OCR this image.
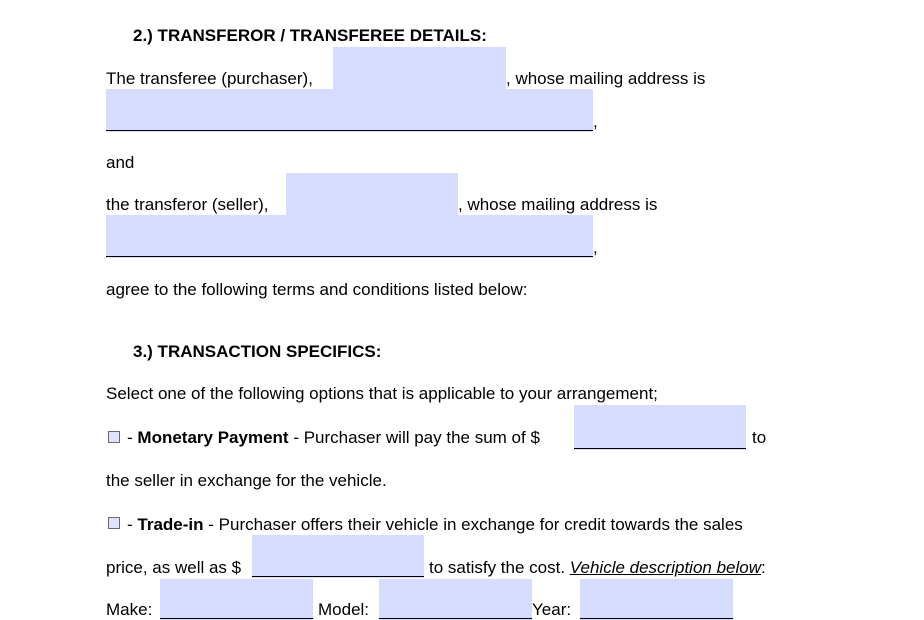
2.) TRANSFEROR / TRANSFEREE DETAILS:
The transferee (purchaser),	, whose mailing address is
,
and
the transferor (seller),	, whose mailing address is
,
agree to the following terms and conditions listed below:
3.) TRANSACTION SPECIFICS:
Select one of the following options that is applicable to your arrangement;
- Monetary Payment - Purchaser will pay the sum of $	to
the seller in exchange for the vehicle.
- Trade-in - Purchaser offers their vehicle in exchange for credit towards the sales
price, as well as $	to satisfy the cost. Vehicle description below:
Make:	Model:	Year:
